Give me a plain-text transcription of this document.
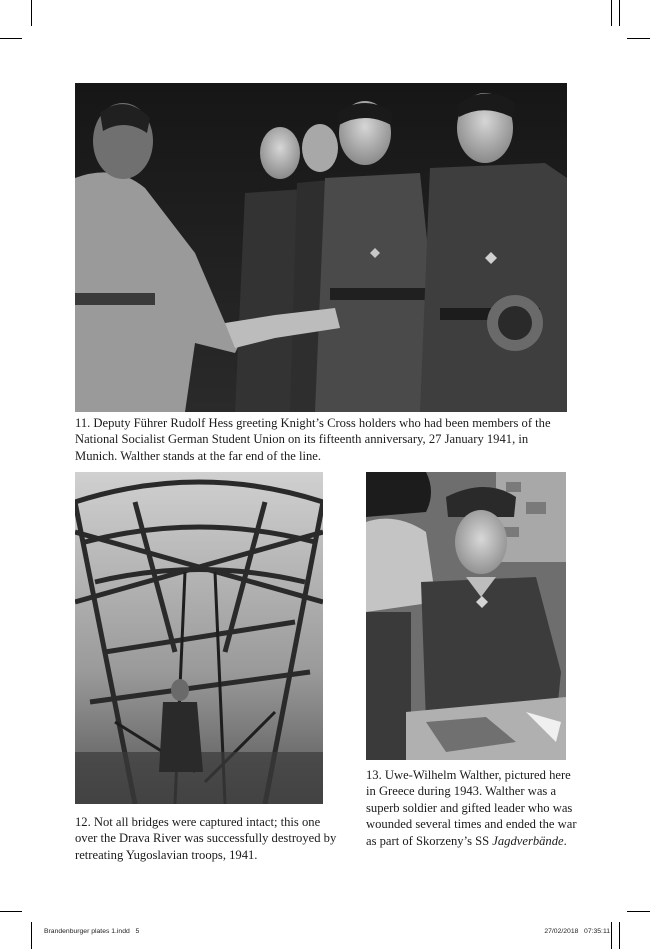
11. Deputy Führer Rudolf Hess greeting Knight’s Cross holders who had been members of the National Socialist German Student Union on its fifteenth anniversary, 27 January 1941, in Munich. Walther stands at the far end of the line.

12. Not all bridges were captured intact; this one over the Drava River was successfully destroyed by retreating Yugoslavian troops, 1941.

13. Uwe-Wilhelm Walther, pictured here in Greece during 1943. Walther was a superb soldier and gifted leader who was wounded several times and ended the war as part of Skorzeny’s SS Jagdverbände.

Brandenburger plates 1.indd   5	27/02/2018   07:35:11
